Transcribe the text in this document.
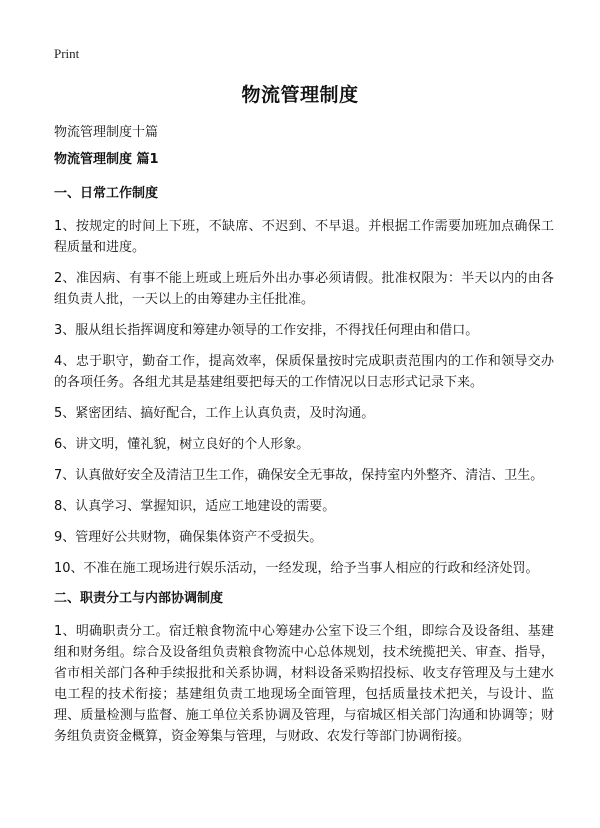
Print
物流管理制度
物流管理制度十篇
物流管理制度 篇1
一、日常工作制度

1、按规定的时间上下班，不缺席、不迟到、不早退。并根据工作需要加班加点确保工程质量和进度。

2、准因病、有事不能上班或上班后外出办事必须请假。批准权限为：半天以内的由各组负责人批，一天以上的由筹建办主任批准。

3、服从组长指挥调度和筹建办领导的工作安排，不得找任何理由和借口。

4、忠于职守，勤奋工作，提高效率，保质保量按时完成职责范围内的工作和领导交办的各项任务。各组尤其是基建组要把每天的工作情况以日志形式记录下来。

5、紧密团结、搞好配合，工作上认真负责，及时沟通。

6、讲文明，懂礼貌，树立良好的个人形象。

7、认真做好安全及清洁卫生工作，确保安全无事故，保持室内外整齐、清洁、卫生。

8、认真学习、掌握知识，适应工地建设的需要。

9、管理好公共财物，确保集体资产不受损失。

10、不准在施工现场进行娱乐活动，一经发现，给予当事人相应的行政和经济处罚。

二、职责分工与内部协调制度

1、明确职责分工。宿迁粮食物流中心筹建办公室下设三个组，即综合及设备组、基建组和财务组。综合及设备组负责粮食物流中心总体规划，技术统揽把关、审查、指导，省市相关部门各种手续报批和关系协调，材料设备采购招投标、收支存管理及与土建水电工程的技术衔接；基建组负责工地现场全面管理，包括质量技术把关，与设计、监理、质量检测与监督、施工单位关系协调及管理，与宿城区相关部门沟通和协调等；财务组负责资金概算，资金筹集与管理，与财政、农发行等部门协调衔接。
